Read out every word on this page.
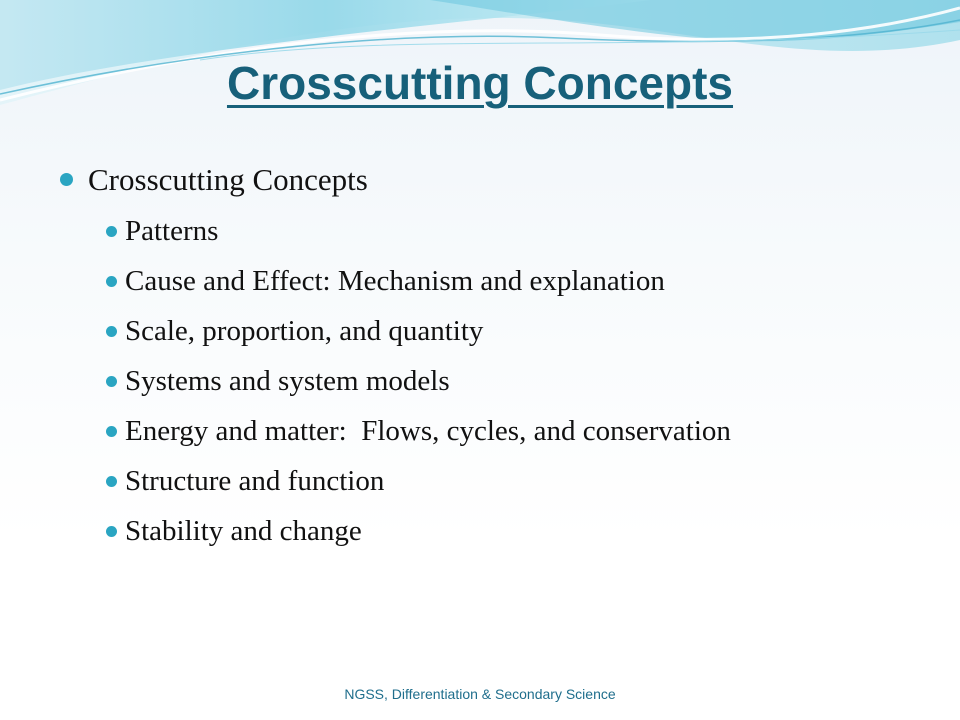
Crosscutting Concepts
Crosscutting Concepts
Patterns
Cause and Effect: Mechanism and explanation
Scale, proportion, and quantity
Systems and system models
Energy and matter:  Flows, cycles, and conservation
Structure and function
Stability and change
NGSS, Differentiation & Secondary Science
